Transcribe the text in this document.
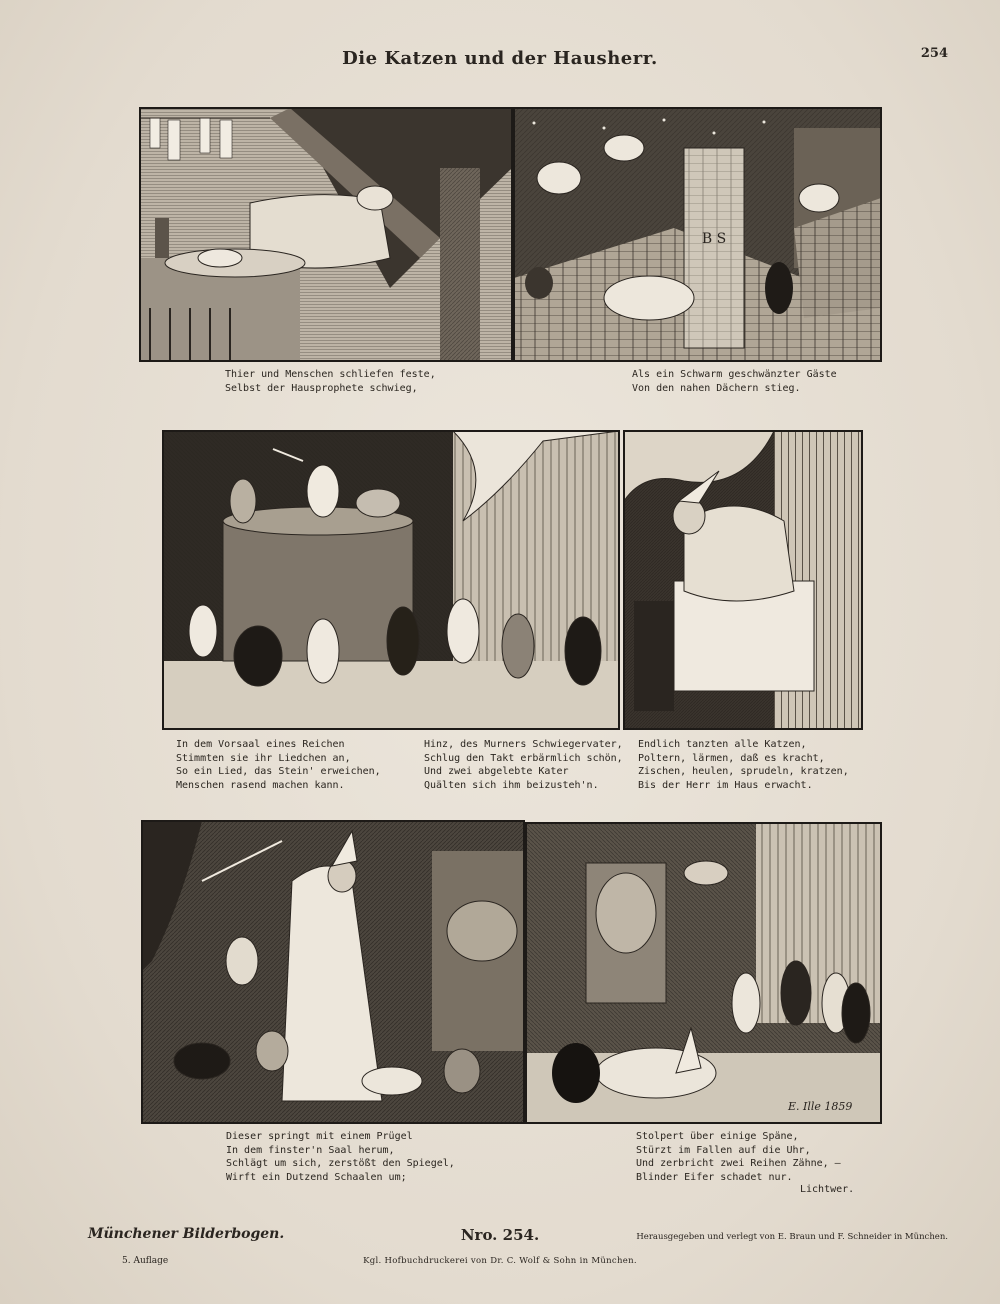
Die Katzen und der Hausherr.	254
B S
Thier und Menschen schliefen feste,
Selbst der Hausprophete schwieg,
Als ein Schwarm geschwänzter Gäste
Von den nahen Dächern stieg.
In dem Vorsaal eines Reichen
Stimmten sie ihr Liedchen an,
So ein Lied, das Stein' erweichen,
Menschen rasend machen kann.
Hinz, des Murners Schwiegervater,
Schlug den Takt erbärmlich schön,
Und zwei abgelebte Kater
Quälten sich ihm beizusteh'n.
Endlich tanzten alle Katzen,
Poltern, lärmen, daß es kracht,
Zischen, heulen, sprudeln, kratzen,
Bis der Herr im Haus erwacht.
E. Ille 1859
Dieser springt mit einem Prügel
In dem finster'n Saal herum,
Schlägt um sich, zerstößt den Spiegel,
Wirft ein Dutzend Schaalen um;
Stolpert über einige Späne,
Stürzt im Fallen auf die Uhr,
Und zerbricht zwei Reihen Zähne, —
Blinder Eifer schadet nur.
Lichtwer.
Münchener Bilderbogen.
5. Auflage
Nro. 254.
Kgl. Hofbuchdruckerei von Dr. C. Wolf & Sohn in München.
Herausgegeben und verlegt von E. Braun und F. Schneider in München.
